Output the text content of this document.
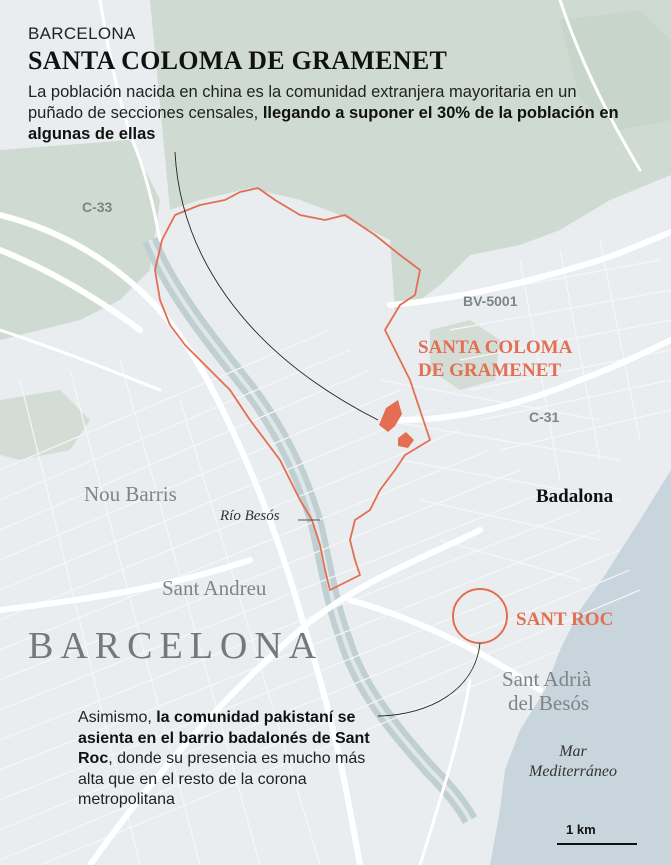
BARCELONA
SANTA COLOMA DE GRAMENET
La población nacida en china es la comunidad extranjera mayoritaria en un puñado de secciones censales, llegando a suponer el 30% de la población en algunas de ellas
C-33
BV-5001
C-31
SANTA COLOMA
DE GRAMENET
Nou Barris
Sant Andreu
BARCELONA
Río Besós
Badalona
SANT ROC
Sant Adrià
del Besós
Mar Mediterráneo
Asimismo, la comunidad pakistaní se asienta en el barrio badalonés de Sant Roc, donde su presencia es mucho más alta que en el resto de la corona metropolitana
1 km
